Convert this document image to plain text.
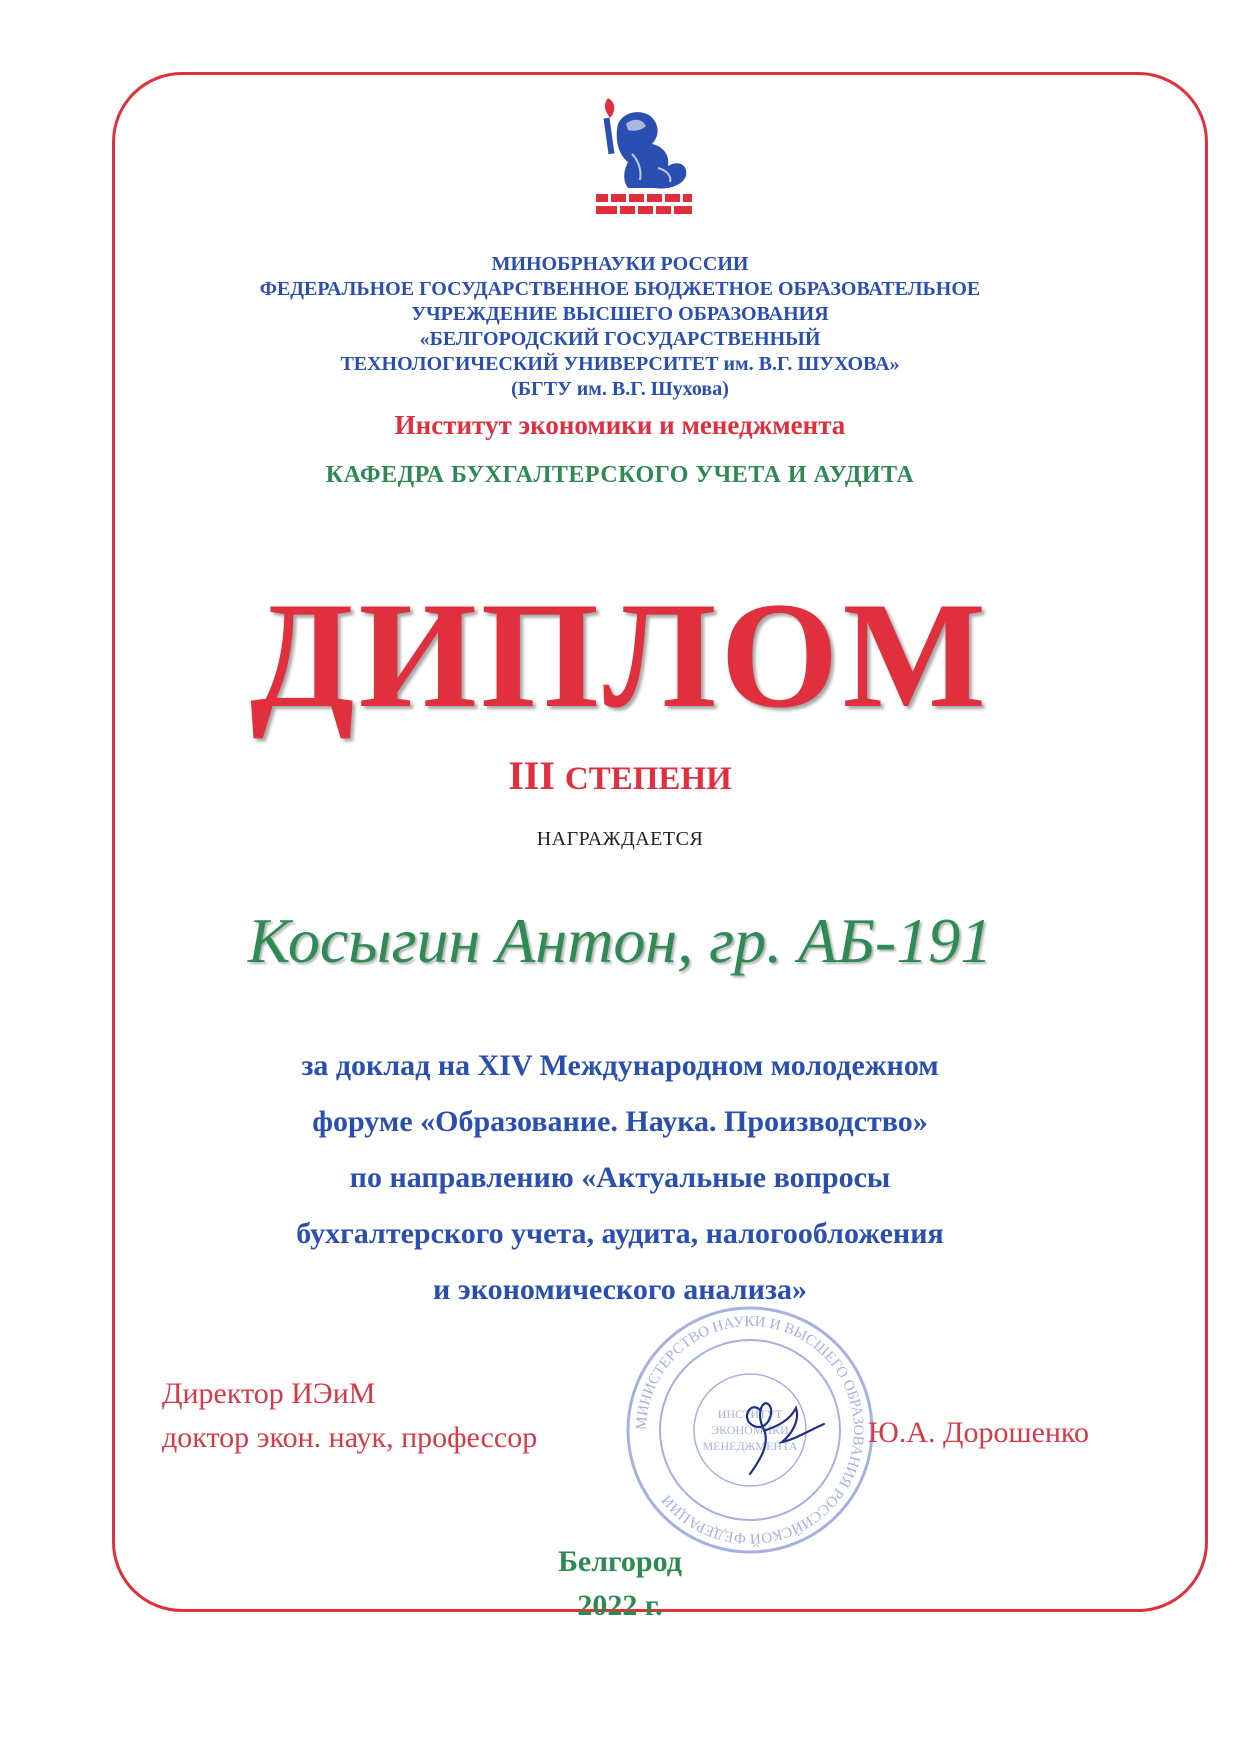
МИНОБРНАУКИ РОССИИ
ФЕДЕРАЛЬНОЕ ГОСУДАРСТВЕННОЕ БЮДЖЕТНОЕ ОБРАЗОВАТЕЛЬНОЕ
УЧРЕЖДЕНИЕ ВЫСШЕГО ОБРАЗОВАНИЯ
«БЕЛГОРОДСКИЙ ГОСУДАРСТВЕННЫЙ
ТЕХНОЛОГИЧЕСКИЙ УНИВЕРСИТЕТ им. В.Г. ШУХОВА»
(БГТУ им. В.Г. Шухова)
Институт экономики и менеджмента
КАФЕДРА БУХГАЛТЕРСКОГО УЧЕТА И АУДИТА
ДИПЛОМ
III СТЕПЕНИ
НАГРАЖДАЕТСЯ
Косыгин Антон, гр. АБ-191
за доклад на XIV Международном молодежном
форуме «Образование. Наука. Производство»
по направлению «Актуальные вопросы
бухгалтерского учета, аудита, налогообложения
и экономического анализа»
МИНИСТЕРСТВО НАУКИ И ВЫСШЕГО ОБРАЗОВАНИЯ РОССИЙСКОЙ ФЕДЕРАЦИИ
ИНСТИТУТ
ЭКОНОМИКИ
МЕНЕДЖМЕНТА
Директор ИЭиМ
доктор экон. наук, профессор	Ю.А. Дорошенко
Белгород
2022 г.
